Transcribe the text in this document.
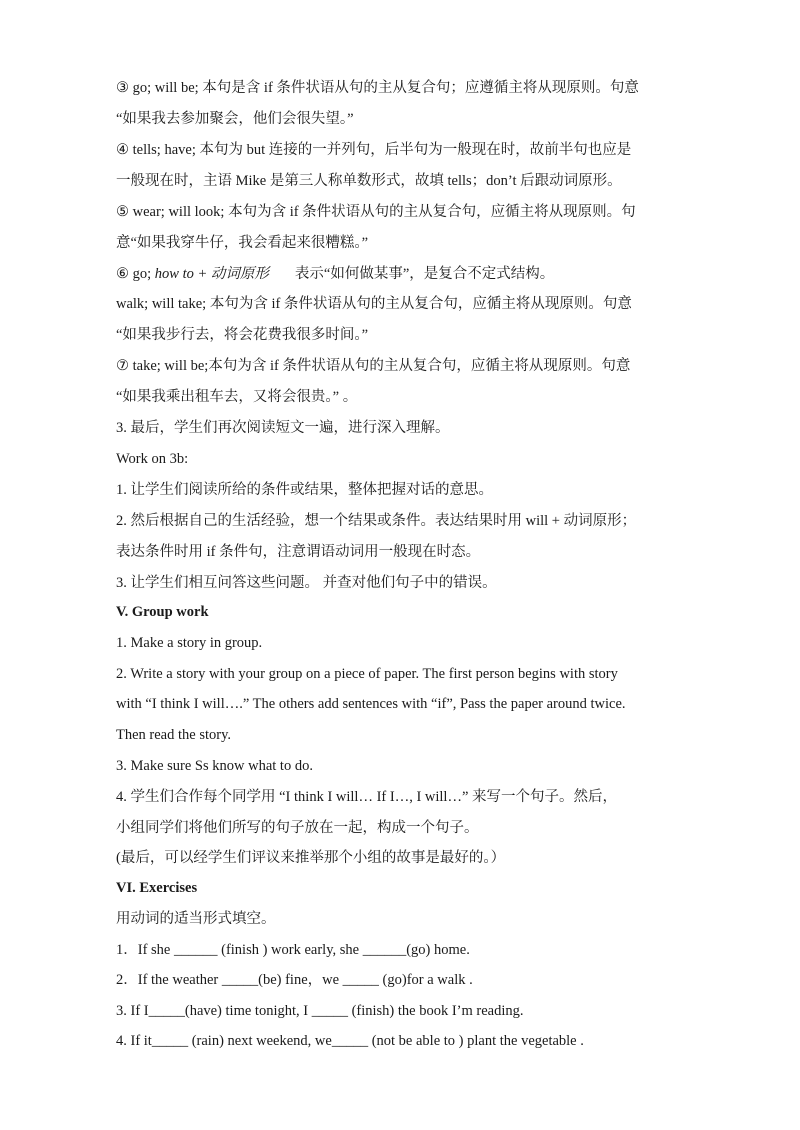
③ go; will be; 本句是含 if 条件状语从句的主从复合句；应遵循主将从现原则。句意
“如果我去参加聚会，他们会很失望。”
④ tells; have; 本句为 but 连接的一并列句，后半句为一般现在时，故前半句也应是
一般现在时，主语 Mike 是第三人称单数形式，故填 tells；don’t 后跟动词原形。
⑤ wear; will look; 本句为含 if 条件状语从句的主从复合句，应循主将从现原则。句
意“如果我穿牛仔，我会看起来很糟糕。”
⑥ go; how to + 动词原形 表示“如何做某事”，是复合不定式结构。
walk; will take; 本句为含 if 条件状语从句的主从复合句，应循主将从现原则。句意
“如果我步行去，将会花费我很多时间。”
⑦ take; will be;本句为含 if 条件状语从句的主从复合句，应循主将从现原则。句意
“如果我乘出租车去，又将会很贵。” 。
3. 最后，学生们再次阅读短文一遍，进行深入理解。
Work on 3b:
1. 让学生们阅读所给的条件或结果，整体把握对话的意思。
2. 然后根据自己的生活经验，想一个结果或条件。表达结果时用 will + 动词原形；
表达条件时用 if 条件句，注意谓语动词用一般现在时态。
3. 让学生们相互问答这些问题。 并查对他们句子中的错误。
V. Group work
1. Make a story in group.
2. Write a story with your group on a piece of paper. The first person begins with story
with “I think I will….” The others add sentences with “if”, Pass the paper around twice.
Then read the story.
3. Make sure Ss know what to do.
4. 学生们合作每个同学用 “I think I will… If I…, I will…” 来写一个句子。然后，
小组同学们将他们所写的句子放在一起，构成一个句子。
(最后，可以经学生们评议来推举那个小组的故事是最好的。）
VI. Exercises
用动词的适当形式填空。
1．If she ______ (finish ) work early, she ______(go) home.
2．If the weather _____(be) fine，we _____ (go)for a walk .
3. If I_____(have) time tonight, I _____ (finish) the book I’m reading.
4. If it_____ (rain) next weekend, we_____ (not be able to ) plant the vegetable .
